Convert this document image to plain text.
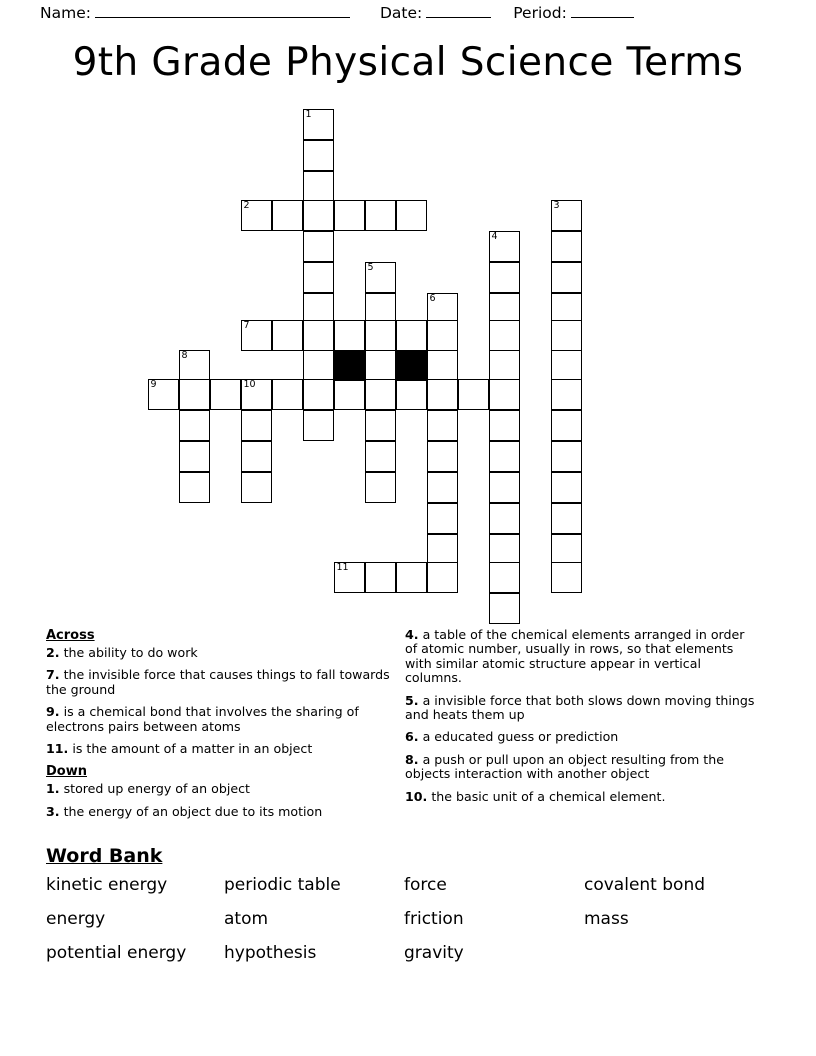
Name:	Date:	Period:
9th Grade Physical Science Terms
1
2	3
4
5
6
7
8
9	10
11
Across
2. the ability to do work
7. the invisible force that causes things to fall towards the ground
9. is a chemical bond that involves the sharing of electrons pairs between atoms
11. is the amount of a matter in an object
Down
1. stored up energy of an object
3. the energy of an object due to its motion
4. a table of the chemical elements arranged in order of atomic number, usually in rows, so that elements with similar atomic structure appear in vertical columns.
5. a invisible force that both slows down moving things and heats them up
6. a educated guess or prediction
8. a push or pull upon an object resulting from the objects interaction with another object
10. the basic unit of a chemical element.
Word Bank
kinetic energy	periodic table	force	covalent bond
energy	atom	friction	mass
potential energy	hypothesis	gravity
